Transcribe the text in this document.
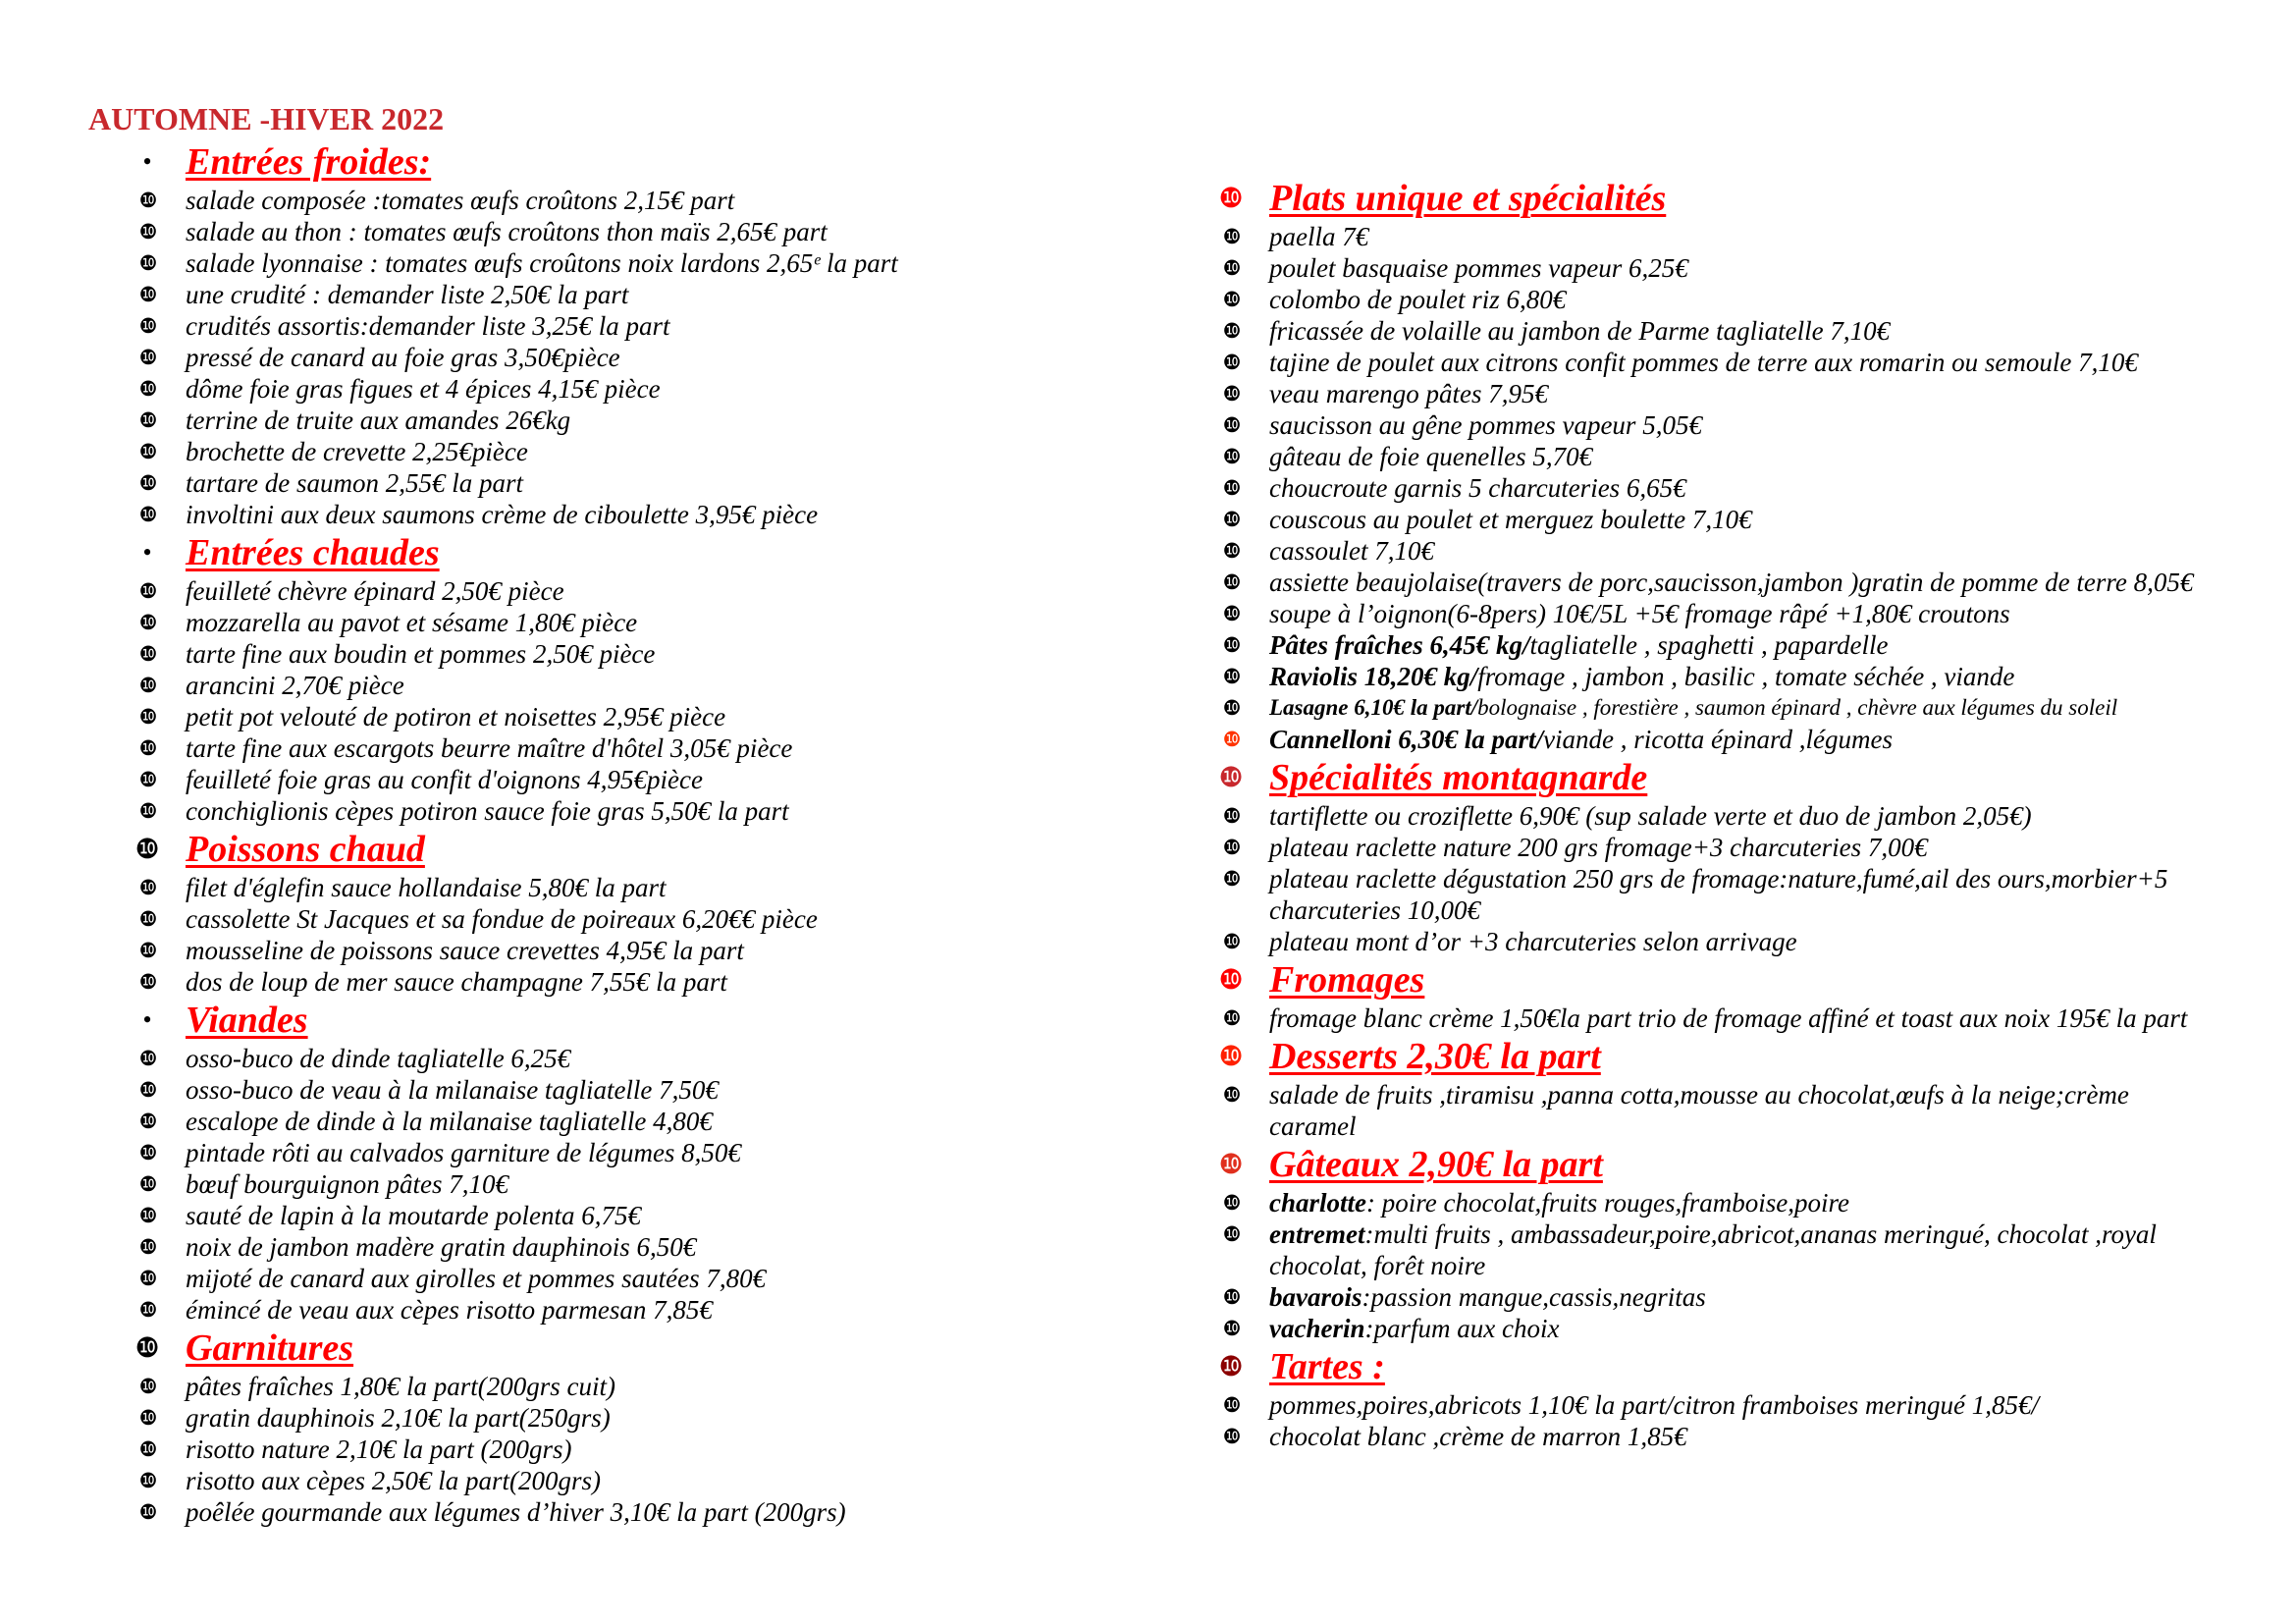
AUTOMNE -HIVER 2022
• Entrées froides:
❿ salade composée :tomates œufs croûtons 2,15€ part
❿ salade au thon : tomates œufs croûtons thon maïs 2,65€ part
❿ salade lyonnaise : tomates œufs croûtons noix lardons 2,65ᵉ la part
❿ une crudité : demander liste 2,50€ la part
❿ crudités assortis:demander liste 3,25€ la part
❿ pressé de canard au foie gras 3,50€pièce
❿ dôme foie gras figues et 4 épices 4,15€ pièce
❿ terrine de truite aux amandes 26€kg
❿ brochette de crevette 2,25€pièce
❿ tartare de saumon 2,55€ la part
❿ involtini aux deux saumons crème de ciboulette 3,95€ pièce
• Entrées chaudes
❿ feuilleté chèvre épinard 2,50€ pièce
❿ mozzarella au pavot et sésame 1,80€ pièce
❿ tarte fine aux boudin et pommes 2,50€ pièce
❿ arancini 2,70€ pièce
❿ petit pot velouté de potiron et noisettes 2,95€ pièce
❿ tarte fine aux escargots beurre maître d'hôtel 3,05€ pièce
❿ feuilleté foie gras au confit d'oignons 4,95€pièce
❿ conchiglionis cèpes potiron sauce foie gras 5,50€ la part
❿ Poissons chaud
❿ filet d'églefin sauce hollandaise 5,80€ la part
❿ cassolette St Jacques et sa fondue de poireaux 6,20€€ pièce
❿ mousseline de poissons sauce crevettes 4,95€ la part
❿ dos de loup de mer sauce champagne 7,55€ la part
• Viandes
❿ osso-buco de dinde tagliatelle 6,25€
❿ osso-buco de veau à la milanaise tagliatelle 7,50€
❿ escalope de dinde à la milanaise tagliatelle 4,80€
❿ pintade rôti au calvados garniture de légumes 8,50€
❿ bœuf bourguignon pâtes 7,10€
❿ sauté de lapin à la moutarde polenta 6,75€
❿ noix de jambon madère gratin dauphinois 6,50€
❿ mijoté de canard aux girolles et pommes sautées 7,80€
❿ émincé de veau aux cèpes risotto parmesan 7,85€
❿ Garnitures
❿ pâtes fraîches 1,80€ la part(200grs cuit)
❿ gratin dauphinois 2,10€ la part(250grs)
❿ risotto nature 2,10€ la part (200grs)
❿ risotto aux cèpes 2,50€ la part(200grs)
❿ poêlée gourmande aux légumes d’hiver 3,10€ la part (200grs)
❿ Plats unique et spécialités
❿ paella 7€
❿ poulet basquaise pommes vapeur 6,25€
❿ colombo de poulet riz 6,80€
❿ fricassée de volaille au jambon de Parme tagliatelle 7,10€
❿ tajine de poulet aux citrons confit pommes de terre aux romarin ou semoule 7,10€
❿ veau marengo pâtes 7,95€
❿ saucisson au gêne pommes vapeur 5,05€
❿ gâteau de foie quenelles 5,70€
❿ choucroute garnis 5 charcuteries 6,65€
❿ couscous au poulet et merguez boulette 7,10€
❿ cassoulet 7,10€
❿ assiette beaujolaise(travers de porc,saucisson,jambon )gratin de pomme de terre 8,05€
❿ soupe à l’oignon(6-8pers) 10€/5L +5€ fromage râpé +1,80€ croutons
❿ Pâtes fraîches 6,45€ kg/tagliatelle , spaghetti , papardelle
❿ Raviolis 18,20€ kg/fromage , jambon , basilic , tomate séchée , viande
❿ Lasagne 6,10€ la part/bolognaise , forestière , saumon épinard , chèvre aux légumes du soleil
❿ Cannelloni 6,30€ la part/viande , ricotta épinard ,légumes
❿ Spécialités montagnarde
❿ tartiflette ou croziflette 6,90€ (sup salade verte et duo de jambon 2,05€)
❿ plateau raclette nature 200 grs fromage+3 charcuteries 7,00€
❿ plateau raclette dégustation 250 grs de fromage:nature,fumé,ail des ours,morbier+5
charcuteries 10,00€
❿ plateau mont d’or +3 charcuteries selon arrivage
❿ Fromages
❿ fromage blanc crème 1,50€la part trio de fromage affiné et toast aux noix 195€ la part
❿ Desserts 2,30€ la part
❿ salade de fruits ,tiramisu ,panna cotta,mousse au chocolat,œufs à la neige;crème
caramel
❿ Gâteaux 2,90€ la part
❿ charlotte: poire chocolat,fruits rouges,framboise,poire
❿ entremet:multi fruits , ambassadeur,poire,abricot,ananas meringué, chocolat ,royal
chocolat, forêt noire
❿ bavarois:passion mangue,cassis,negritas
❿ vacherin:parfum aux choix
❿ Tartes :
❿ pommes,poires,abricots 1,10€ la part/citron framboises meringué 1,85€/
❿ chocolat blanc ,crème de marron 1,85€
